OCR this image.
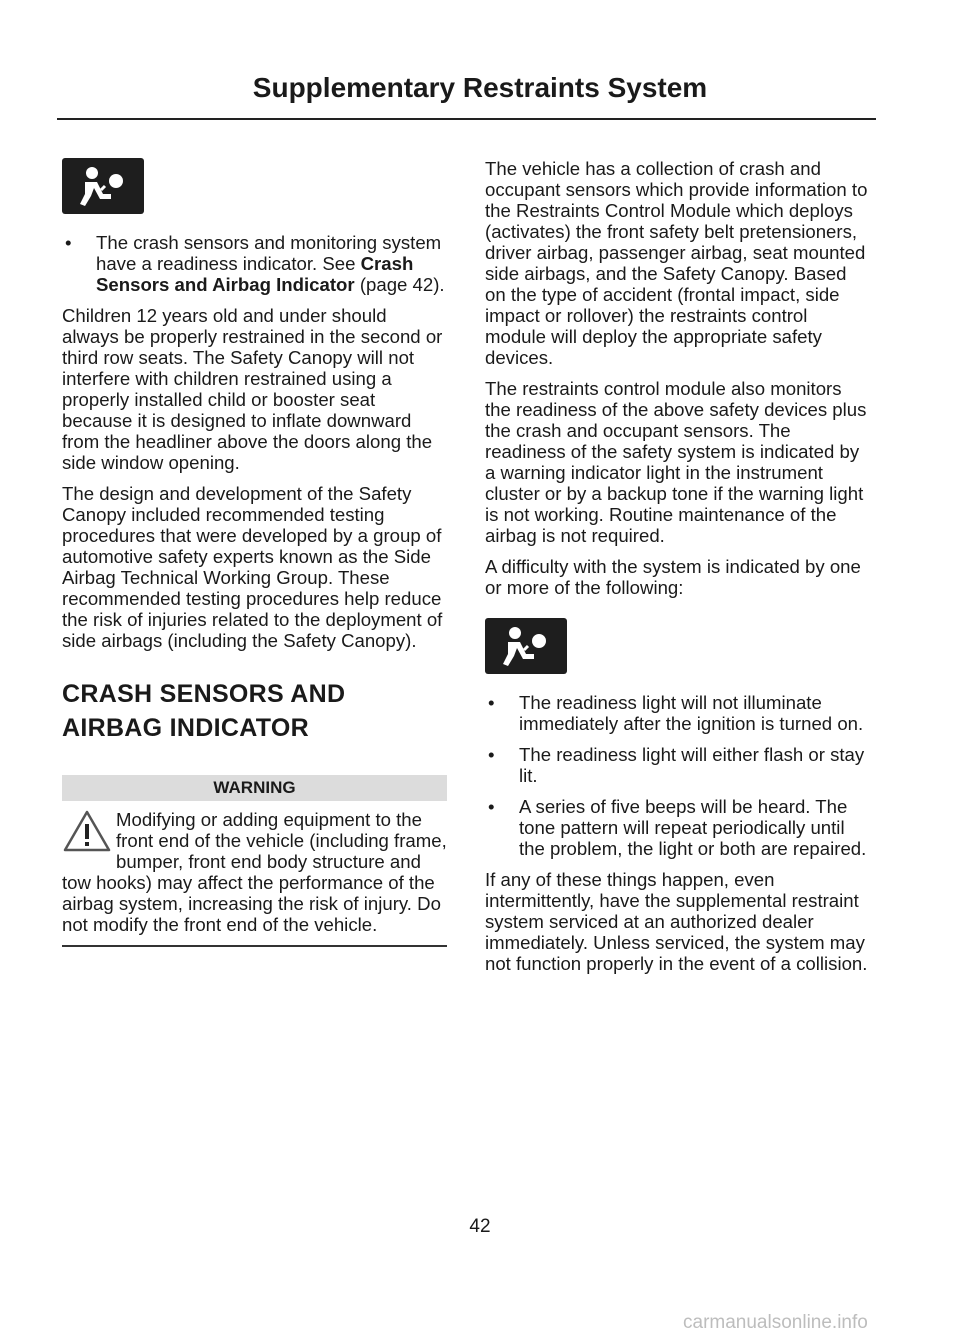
Supplementary Restraints System
• The crash sensors and monitoring system have a readiness indicator. See Crash Sensors and Airbag Indicator (page 42).

Children 12 years old and under should always be properly restrained in the second or third row seats. The Safety Canopy will not interfere with children restrained using a properly installed child or booster seat because it is designed to inflate downward from the headliner above the doors along the side window opening.

The design and development of the Safety Canopy included recommended testing procedures that were developed by a group of automotive safety experts known as the Side Airbag Technical Working Group. These recommended testing procedures help reduce the risk of injuries related to the deployment of side airbags (including the Safety Canopy).

CRASH SENSORS AND
AIRBAG INDICATOR
WARNING
Modifying or adding equipment to the front end of the vehicle (including frame, bumper, front end body structure and tow hooks) may affect the performance of the airbag system, increasing the risk of injury. Do not modify the front end of the vehicle.

The vehicle has a collection of crash and occupant sensors which provide information to the Restraints Control Module which deploys (activates) the front safety belt pretensioners, driver airbag, passenger airbag, seat mounted side airbags, and the Safety Canopy. Based on the type of accident (frontal impact, side impact or rollover) the restraints control module will deploy the appropriate safety devices.

The restraints control module also monitors the readiness of the above safety devices plus the crash and occupant sensors. The readiness of the safety system is indicated by a warning indicator light in the instrument cluster or by a backup tone if the warning light is not working. Routine maintenance of the airbag is not required.

A difficulty with the system is indicated by one or more of the following:

• The readiness light will not illuminate immediately after the ignition is turned on.
• The readiness light will either flash or stay lit.
• A series of five beeps will be heard. The tone pattern will repeat periodically until the problem, the light or both are repaired.

If any of these things happen, even intermittently, have the supplemental restraint system serviced at an authorized dealer immediately. Unless serviced, the system may not function properly in the event of a collision.

42
carmanualsonline.info
